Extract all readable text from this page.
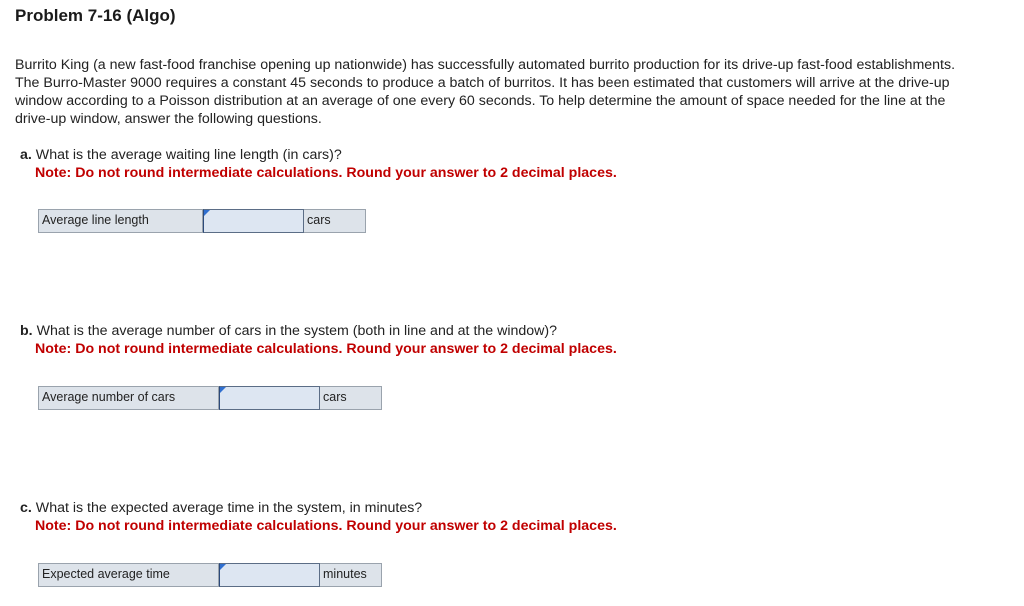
Problem 7-16 (Algo)

Burrito King (a new fast-food franchise opening up nationwide) has successfully automated burrito production for its drive-up fast-food establishments. The Burro-Master 9000 requires a constant 45 seconds to produce a batch of burritos. It has been estimated that customers will arrive at the drive-up window according to a Poisson distribution at an average of one every 60 seconds. To help determine the amount of space needed for the line at the drive-up window, answer the following questions.

a. What is the average waiting line length (in cars)?
Note: Do not round intermediate calculations. Round your answer to 2 decimal places.
Average line length	cars
b. What is the average number of cars in the system (both in line and at the window)?
Note: Do not round intermediate calculations. Round your answer to 2 decimal places.
Average number of cars	cars
c. What is the expected average time in the system, in minutes?
Note: Do not round intermediate calculations. Round your answer to 2 decimal places.
Expected average time	minutes
